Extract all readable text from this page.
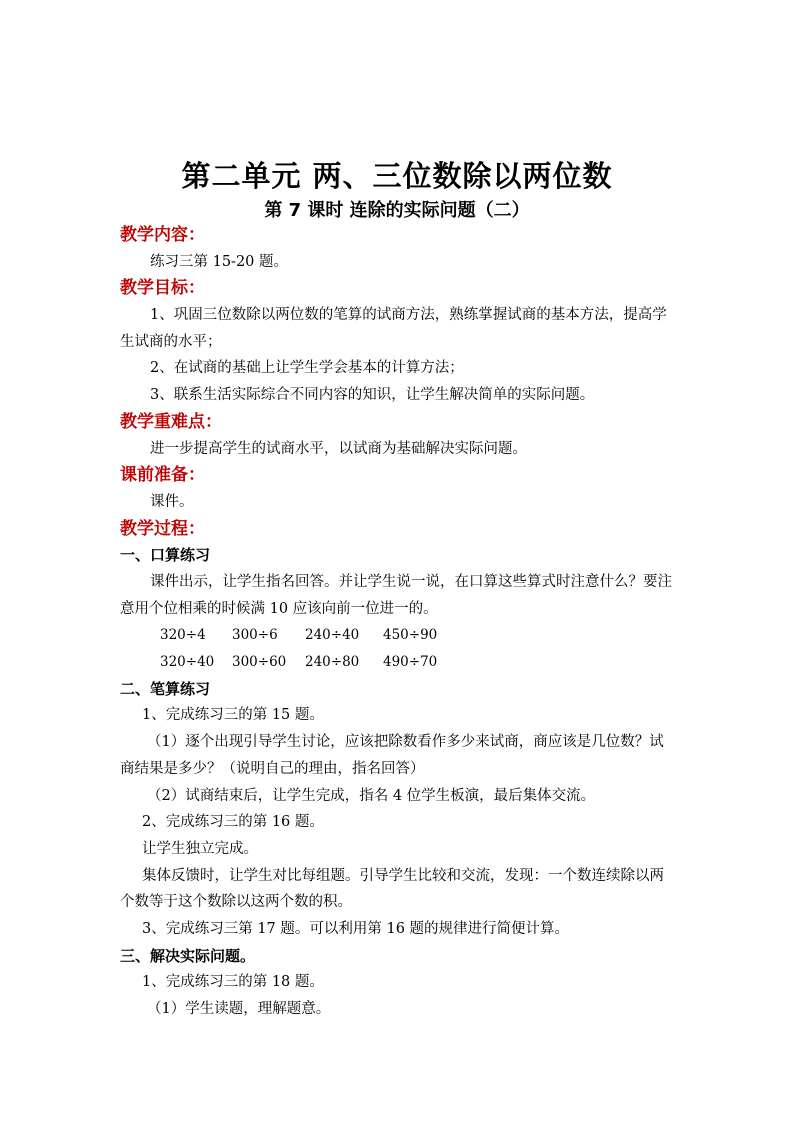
第二单元 两、三位数除以两位数
第 7 课时 连除的实际问题（二）
教学内容：
练习三第 15-20 题。
教学目标：
1、巩固三位数除以两位数的笔算的试商方法，熟练掌握试商的基本方法，提高学生试商的水平；
2、在试商的基础上让学生学会基本的计算方法；
3、联系生活实际综合不同内容的知识，让学生解决简单的实际问题。
教学重难点：
进一步提高学生的试商水平，以试商为基础解决实际问题。
课前准备：
课件。
教学过程：
一、口算练习
课件出示，让学生指名回答。并让学生说一说，在口算这些算式时注意什么？要注意用个位相乘的时候满 10 应该向前一位进一的。
320÷4 300÷6 240÷40 450÷90
320÷40 300÷60 240÷80 490÷70
二、笔算练习
1、完成练习三的第 15 题。
（1）逐个出现引导学生讨论，应该把除数看作多少来试商，商应该是几位数？试商结果是多少？（说明自己的理由，指名回答）
（2）试商结束后，让学生完成，指名 4 位学生板演，最后集体交流。
2、完成练习三的第 16 题。
让学生独立完成。
集体反馈时，让学生对比每组题。引导学生比较和交流，发现：一个数连续除以两个数等于这个数除以这两个数的积。
3、完成练习三第 17 题。可以利用第 16 题的规律进行简便计算。
三、解决实际问题。
1、完成练习三的第 18 题。
（1）学生读题，理解题意。
